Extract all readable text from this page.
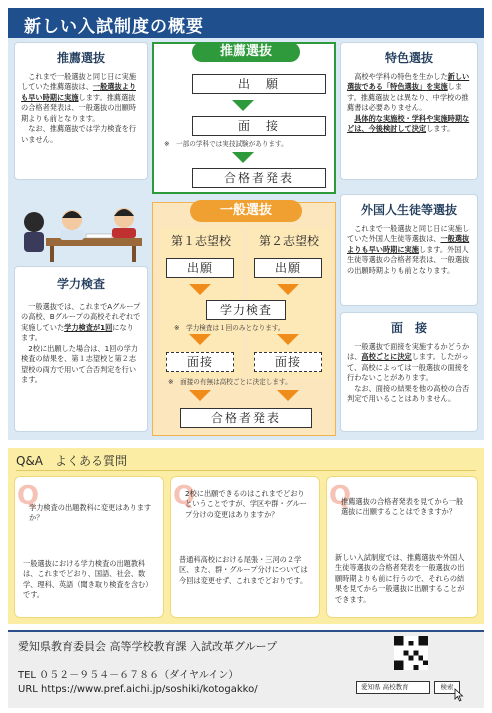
新しい入試制度の概要
推薦選抜
これまで一般選抜と同じ日に実施していた推薦選抜は、一般選抜よりも早い時期に実施します。推薦選抜の合格者発表は、一般選抜の出願時期よりも前となります。
なお、推薦選抜では学力検査を行いません。
特色選抜
高校や学科の特色を生かした新しい選抜である「特色選抜」を実施します。推薦選抜とは異なり、中学校の推薦書は必要ありません。
具体的な実施校・学科や実施時期などは、今後検討して決定します。
推薦選抜
出　願
面　接
※　一部の学科では実技試験があります。
合格者発表
外国人生徒等選抜
これまで一般選抜と同じ日に実施していた外国人生徒等選抜は、一般選抜よりも早い時期に実施します。外国人生徒等選抜の合格者発表は、一般選抜の出願時期よりも前となります。
学力検査
一般選抜では、これまでAグループの高校、Bグループの高校それぞれで実施していた学力検査が1回になります。
2校に出願した場合は、1回の学力検査の結果を、第１志望校と第２志望校の両方で用いて合否判定を行います。
一般選抜
第１志望校	第２志望校
出願	出願
学力検査
※　学力検査は１回のみとなります。
面接	面接
※　面接の有無は高校ごとに決定します。
合格者発表
面　接
一般選抜で面接を実施するかどうかは、高校ごとに決定します。したがって、高校によっては一般選抜の面接を行わないことがあります。
なお、面接の結果を他の高校の合否判定で用いることはありません。
Q&A　よくある質問
Q
学力検査の出題教科に変更はありますか？
一般選抜における学力検査の出題教科は、これまでどおり、国語、社会、数学、理科、英語（聞き取り検査を含む）です。
Q
2校に出願できるのはこれまでどおりということですが、学区や群・グループ分けの変更はありますか？
普通科高校における尾張・三河の２学区、また、群・グループ分けについては今回は変更せず、これまでどおりです。
Q
推薦選抜の合格者発表を見てから一般選抜に出願することはできますか？
新しい入試制度では、推薦選抜や外国人生徒等選抜の合格者発表を一般選抜の出願時期よりも前に行うので、それらの結果を見てから一般選抜に出願することができます。
愛知県教育委員会 高等学校教育課 入試改革グループ
TEL ０５２－９５４－６７８６（ダイヤルイン）
URL https://www.pref.aichi.jp/soshiki/kotogakko/	愛知県 高校教育	検索
